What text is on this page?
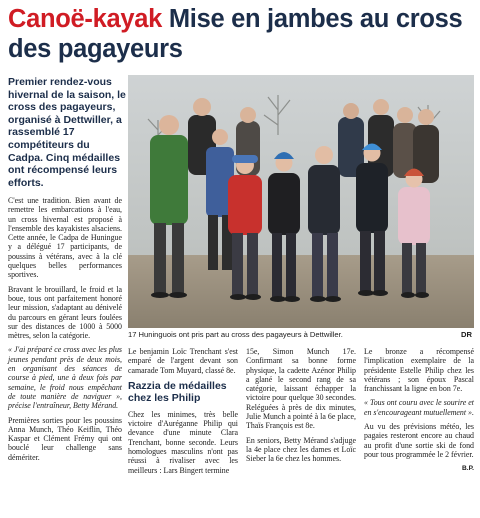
Canoë-kayak Mise en jambes au cross des pagayeurs
Premier rendez-vous hivernal de la saison, le cross des pagayeurs, organisé à Dettwiller, a rassemblé 17 compétiteurs du Cadpa. Cinq médailles ont récompensé leurs efforts.
17 Huninguois ont pris part au cross des pagayeurs à Dettwiller.	DR

C'est une tradition. Bien avant de remettre les embarcations à l'eau, un cross hivernal est proposé à l'ensemble des kayakistes alsaciens. Cette année, le Cadpa de Huningue y a délégué 17 participants, de poussins à vétérans, avec à la clé quelques belles performances sportives.

Bravant le brouillard, le froid et la boue, tous ont parfaitement honoré leur mission, s'adaptant au dénivelé du parcours en gérant leurs foulées sur des distances de 1000 à 5000 mètres, selon la catégorie.

« J'ai préparé ce cross avec les plus jeunes pendant près de deux mois, en organisant des séances de course à pied, une à deux fois par semaine, le froid nous empêchant de toute manière de naviguer », précise l'entraîneur, Betty Mérand.

Premières sorties pour les poussins Anna Munch, Théo Keiflin, Théo Kaspar et Clément Frémy qui ont bouclé leur challenge sans démériter.

Le benjamin Loïc Trenchant s'est emparé de l'argent devant son camarade Tom Muyard, classé 8e.

Razzia de médailles chez les Philip

Chez les minimes, très belle victoire d'Auréganne Philip qui devance d'une minute Clara Trenchant, bonne seconde. Leurs homologues masculins n'ont pas réussi à rivaliser avec les meilleurs : Lars Bingert termine

15e, Simon Munch 17e. Confirmant sa bonne forme physique, la cadette Azénor Philip a glané le second rang de sa catégorie, laissant échapper la victoire pour quelque 30 secondes. Reléguées à près de dix minutes, Julie Munch a pointé à la 6e place, Thaïs François est 8e.

En seniors, Betty Mérand s'adjuge la 4e place chez les dames et Loïc Sieber la 6e chez les hommes.

Le bronze a récompensé l'implication exemplaire de la présidente Estelle Philip chez les vétérans ; son époux Pascal franchissant la ligne en bon 7e.

« Tous ont couru avec le sourire et en s'encourageant mutuellement ».

Au vu des prévisions météo, les pagaies resteront encore au chaud au profit d'une sortie ski de fond pour tous programmée le 2 février.

B.P.
